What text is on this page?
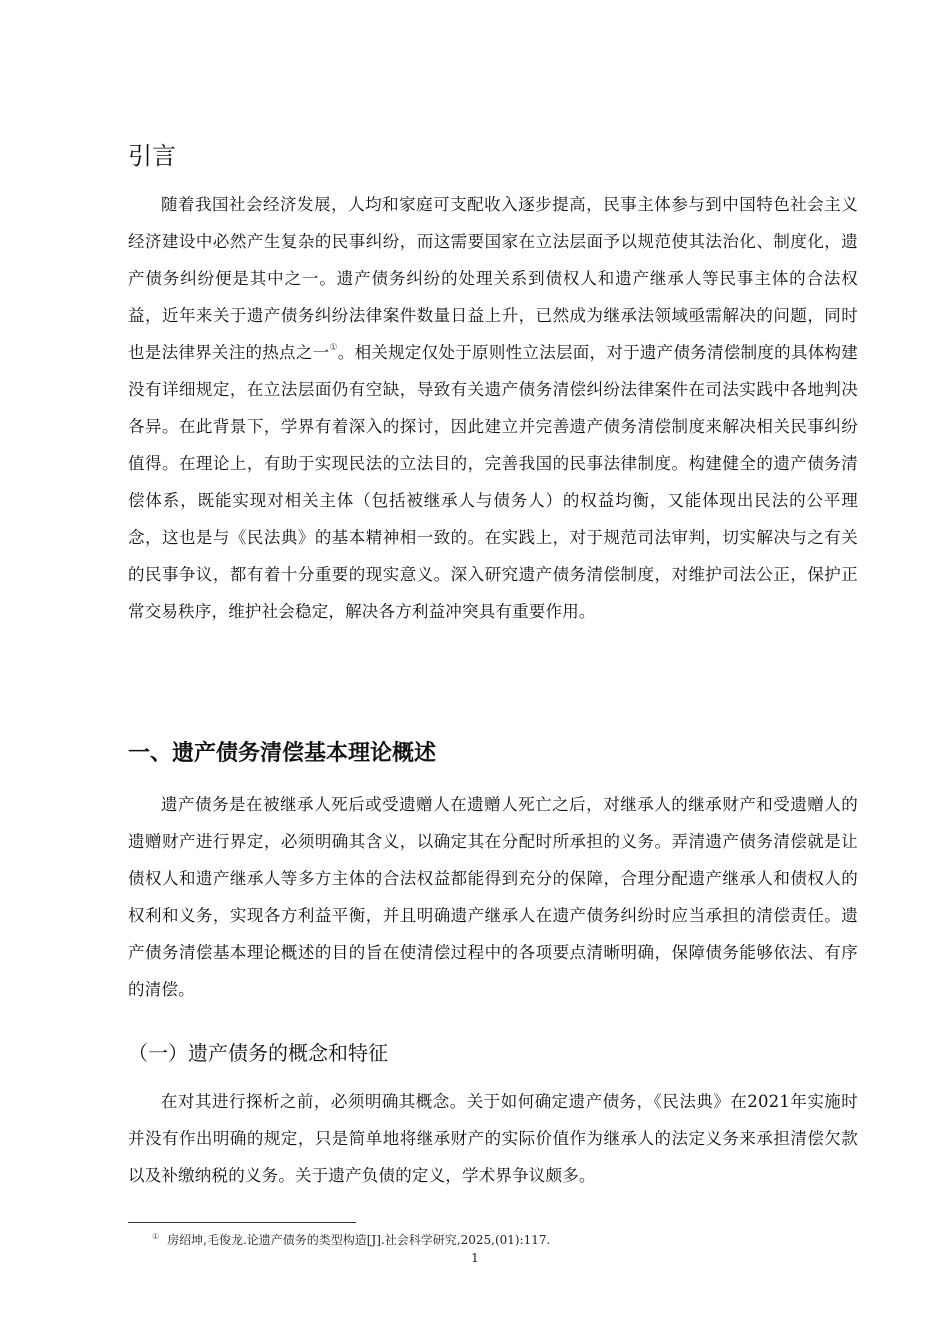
引言

随着我国社会经济发展，人均和家庭可支配收入逐步提高，民事主体参与到中国特色社会主义经济建设中必然产生复杂的民事纠纷，而这需要国家在立法层面予以规范使其法治化、制度化，遗产债务纠纷便是其中之一。遗产债务纠纷的处理关系到债权人和遗产继承人等民事主体的合法权益，近年来关于遗产债务纠纷法律案件数量日益上升，已然成为继承法领域亟需解决的问题，同时也是法律界关注的热点之一①。相关规定仅处于原则性立法层面，对于遗产债务清偿制度的具体构建没有详细规定，在立法层面仍有空缺，导致有关遗产债务清偿纠纷法律案件在司法实践中各地判决各异。在此背景下，学界有着深入的探讨，因此建立并完善遗产债务清偿制度来解决相关民事纠纷值得。在理论上，有助于实现民法的立法目的，完善我国的民事法律制度。构建健全的遗产债务清偿体系，既能实现对相关主体（包括被继承人与债务人）的权益均衡，又能体现出民法的公平理念，这也是与《民法典》的基本精神相一致的。在实践上，对于规范司法审判，切实解决与之有关的民事争议，都有着十分重要的现实意义。深入研究遗产债务清偿制度，对维护司法公正，保护正常交易秩序，维护社会稳定，解决各方利益冲突具有重要作用。

一、遗产债务清偿基本理论概述

遗产债务是在被继承人死后或受遗赠人在遗赠人死亡之后，对继承人的继承财产和受遗赠人的遗赠财产进行界定，必须明确其含义，以确定其在分配时所承担的义务。弄清遗产债务清偿就是让债权人和遗产继承人等多方主体的合法权益都能得到充分的保障，合理分配遗产继承人和债权人的权利和义务，实现各方利益平衡，并且明确遗产继承人在遗产债务纠纷时应当承担的清偿责任。遗产债务清偿基本理论概述的目的旨在使清偿过程中的各项要点清晰明确，保障债务能够依法、有序的清偿。

（一）遗产债务的概念和特征

在对其进行探析之前，必须明确其概念。关于如何确定遗产债务，《民法典》在2021年实施时并没有作出明确的规定，只是简单地将继承财产的实际价值作为继承人的法定义务来承担清偿欠款以及补缴纳税的义务。关于遗产负债的定义，学术界争议颇多。

① 房绍坤,毛俊龙.论遗产债务的类型构造[J].社会科学研究,2025,(01):117.
1
